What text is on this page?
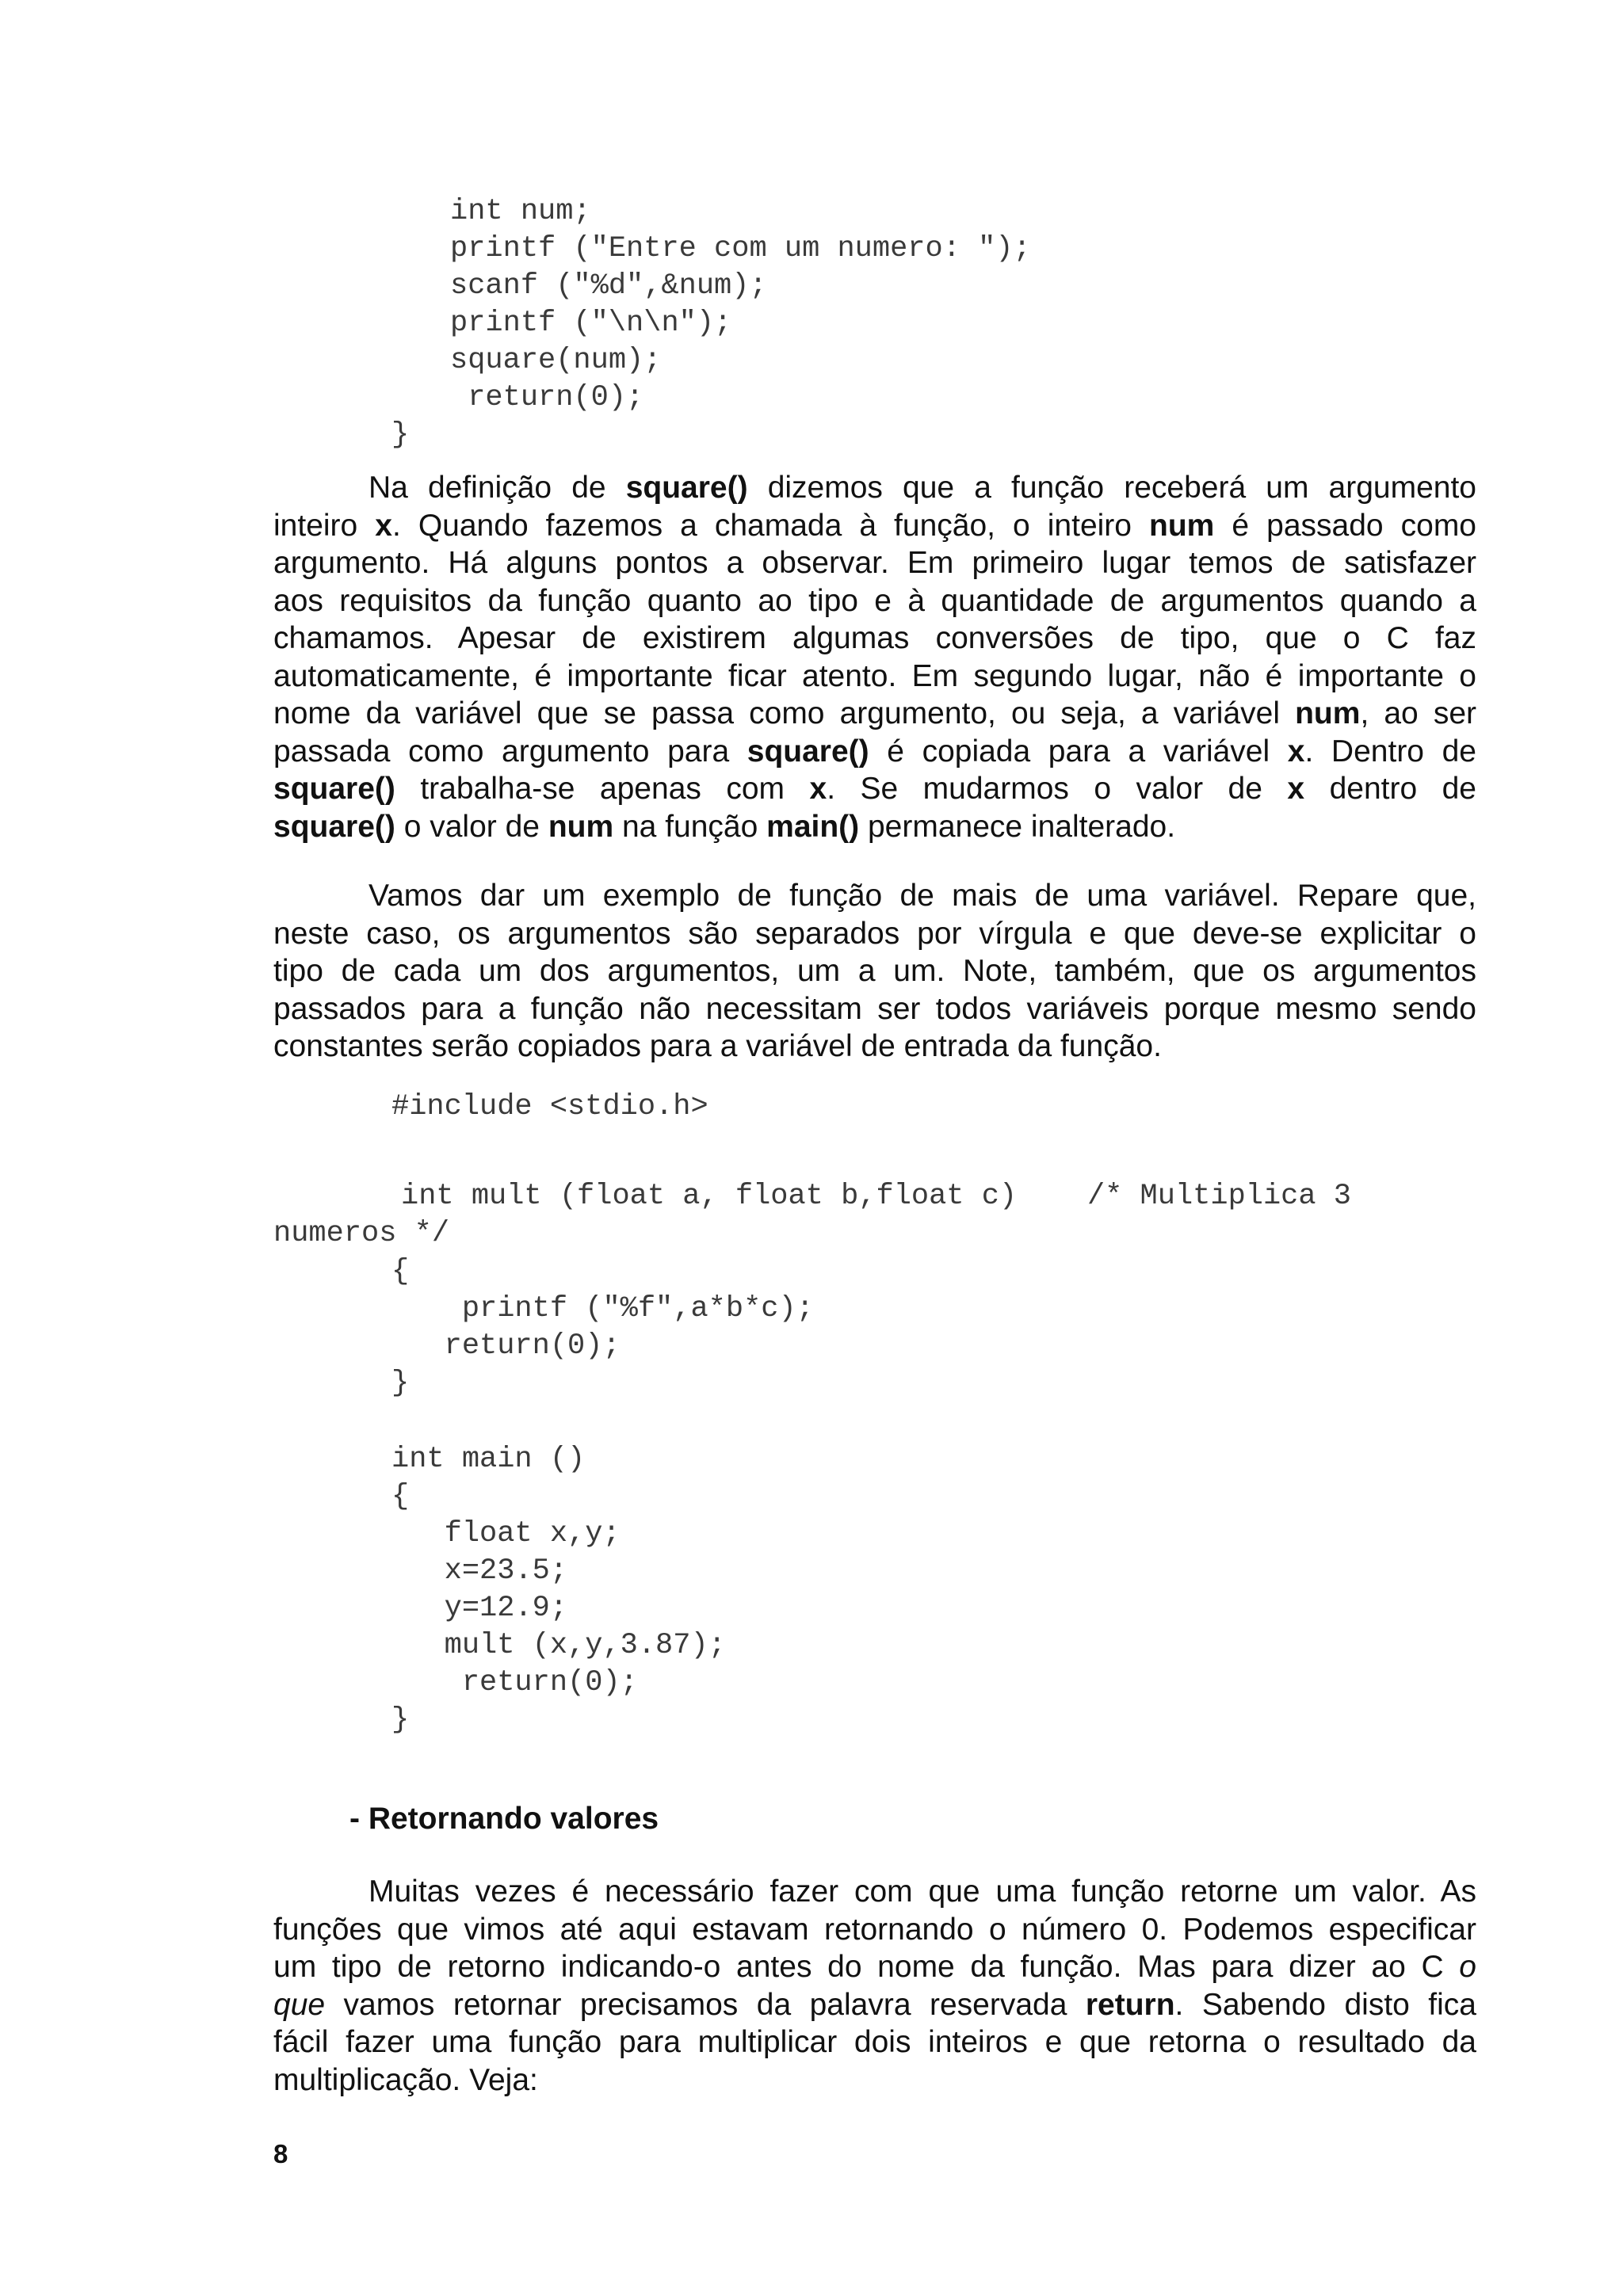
int num;
printf ("Entre com um numero: ");
scanf ("%d",&num);
printf ("\n\n");
square(num);
return(0);
}
Na definição de square() dizemos que a função receberá um argumento
inteiro x. Quando fazemos a chamada à função, o inteiro num é passado como
argumento. Há alguns pontos a observar. Em primeiro lugar temos de satisfazer
aos requisitos da função quanto ao tipo e à quantidade de argumentos quando a
chamamos. Apesar de existirem algumas conversões de tipo, que o C faz
automaticamente, é importante ficar atento. Em segundo lugar, não é importante o
nome da variável que se passa como argumento, ou seja, a variável num, ao ser
passada como argumento para square() é copiada para a variável x. Dentro de
square() trabalha-se apenas com x. Se mudarmos o valor de x dentro de
square() o valor de num na função main() permanece inalterado.
Vamos dar um exemplo de função de mais de uma variável. Repare que,
neste caso, os argumentos são separados por vírgula e que deve-se explicitar o
tipo de cada um dos argumentos, um a um. Note, também, que os argumentos
passados para a função não necessitam ser todos variáveis porque mesmo sendo
constantes serão copiados para a variável de entrada da função.
#include <stdio.h>
int mult (float a, float b,float c)    /* Multiplica 3
numeros */
{
printf ("%f",a*b*c);
return(0);
}
int main ()
{
float x,y;
x=23.5;
y=12.9;
mult (x,y,3.87);
return(0);
}
- Retornando valores
Muitas vezes é necessário fazer com que uma função retorne um valor. As
funções que vimos até aqui estavam retornando o número 0. Podemos especificar
um tipo de retorno indicando-o antes do nome da função. Mas para dizer ao C o
que vamos retornar precisamos da palavra reservada return. Sabendo disto fica
fácil fazer uma função para multiplicar dois inteiros e que retorna o resultado da
multiplicação. Veja:
8
